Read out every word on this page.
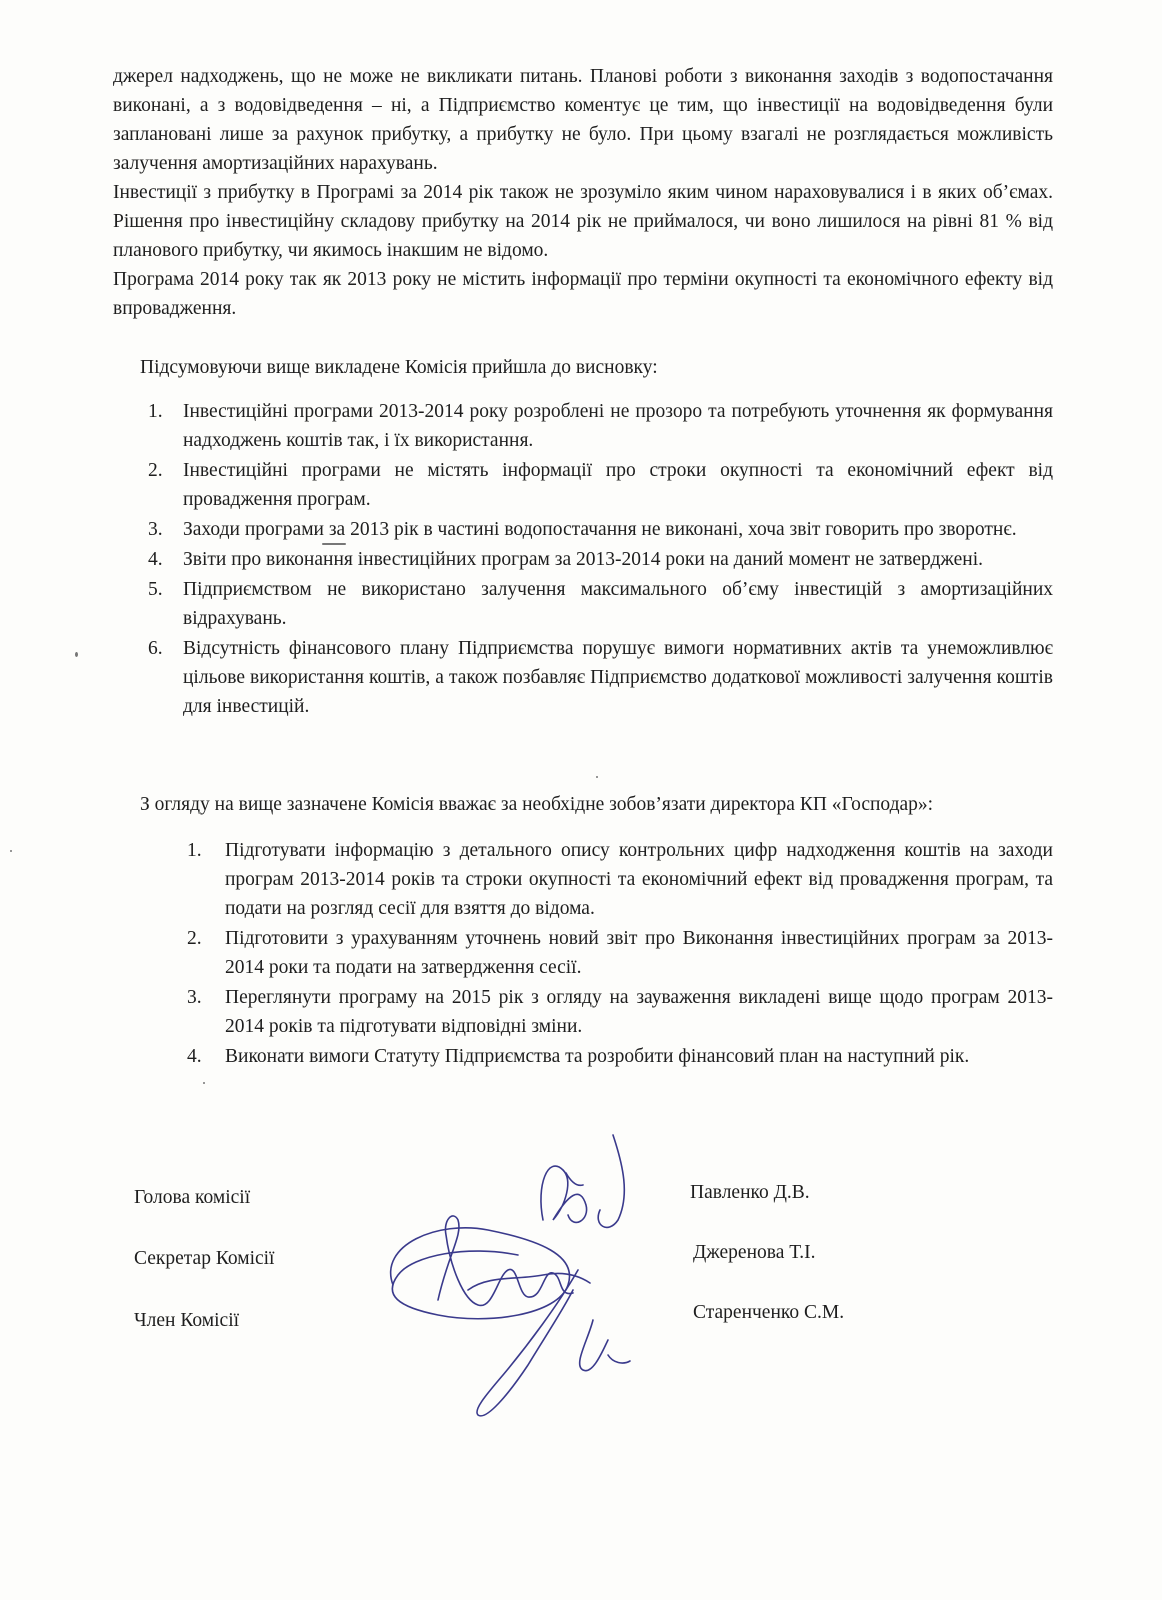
джерел надходжень, що не може не викликати питань. Планові роботи з виконання заходів з водопостачання виконані, а з водовідведення – ні, а Підприємство коментує це тим, що інвестиції на водовідведення були заплановані лише за рахунок прибутку, а прибутку не було. При цьому взагалі не розглядається можливість залучення амортизаційних нарахувань.

Інвестиції з прибутку в Програмі за 2014 рік також не зрозуміло яким чином нараховувалися і в яких об’ємах. Рішення про інвестиційну складову прибутку на 2014 рік не приймалося, чи воно лишилося на рівні 81 % від планового прибутку, чи якимось інакшим не відомо.

Програма 2014 року так як 2013 року не містить інформації про терміни окупності та економічного ефекту від впровадження.

Підсумовуючи вище викладене Комісія прийшла до висновку:

1. Інвестиційні програми 2013-2014 року розроблені не прозоро та потребують уточнення як формування надходжень коштів так, і їх використання.
2. Інвестиційні програми не містять інформації про строки окупності та економічний ефект від провадження програм.
3. Заходи програми за 2013 рік в частині водопостачання не виконані, хоча звіт говорить про зворотнє.
4. Звіти про виконання інвестиційних програм за 2013-2014 роки на даний момент не затверджені.
5. Підприємством не використано залучення максимального об’єму інвестицій з амортизаційних відрахувань.
6. Відсутність фінансового плану Підприємства порушує вимоги нормативних актів та унеможливлює цільове використання коштів, а також позбавляє Підприємство додаткової можливості залучення коштів для інвестицій.

З огляду на вище зазначене Комісія вважає за необхідне зобов’язати директора КП «Господар»:

1. Підготувати інформацію з детального опису контрольних цифр надходження коштів на заходи програм 2013-2014 років та строки окупності та економічний ефект від провадження програм, та подати на розгляд сесії для взяття до відома.
2. Підготовити з урахуванням уточнень новий звіт про Виконання інвестиційних програм за 2013-2014 роки та подати на затвердження сесії.
3. Переглянути програму на 2015 рік з огляду на зауваження викладені вище щодо програм 2013-2014 років та підготувати відповідні зміни.
4. Виконати вимоги Статуту Підприємства та розробити фінансовий план на наступний рік.
Голова комісії
Секретар Комісії
Член Комісії
Павленко Д.В.
Джеренова Т.І.
Старенченко С.М.
